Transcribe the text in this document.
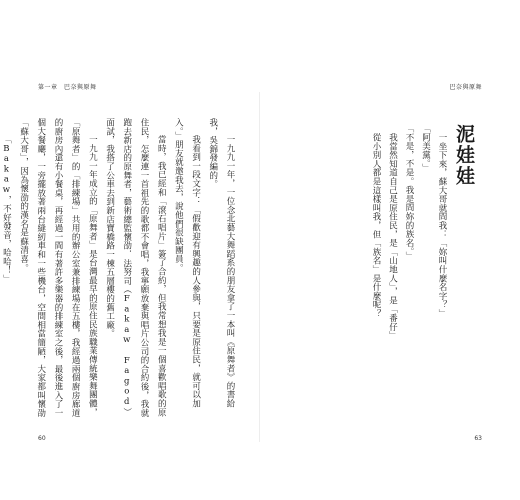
第一章　巴奈與原舞	巴奈與原舞

一九九一年，一位念北藝大舞蹈系的朋友拿了一本叫《原舞者》的書給我，吳錦發編的。

我看到一段文字：「假歡迎有興趣的人參與，只要是原住民，就可以加入。」朋友就邀我去，說他們很缺團員。

當時，我已經和「滾石唱片」簽了合約，但我常想我是一個喜歡唱歌的原住民，怎麼連一首祖先的歌都不會唱，我寧願放棄與唱片公司的合約後，我就跑去新店的原舞者，藝術總監懷劭．法努司（Fakaw Fagod）面試，我搭了公車去到新店寶橋路一棟五層樓的舊工廠。

一九九一年成立的「原舞者」是台灣最早的原住民族職業傳統樂舞團體，「原舞者」的「排練場」共用的辦公室兼排練場在五樓，我經過兩個廚房廊道的廚房內還有小餐桌，再經過一間有著許多樂器的排練室之後，最後進入了一個大餐廳，一旁擺放著兩台縫紉車和一些機台，空間相當簡陋，大家都叫懷劭「蘇大哥」，因為懷劭的漢名是蘇清喜。

「Bakaw，不好發音，哈哈！」	泥娃娃

一坐下來，蘇大哥就問我：「妳叫什麼名字？」

「阿美黨。」

「不是，不是。我是問妳的族名。」

我當然知道自己是原住民，是「山地人」，是「番仔」

從小別人都是這樣叫我，但「族名」是什麼呢？

60	63
